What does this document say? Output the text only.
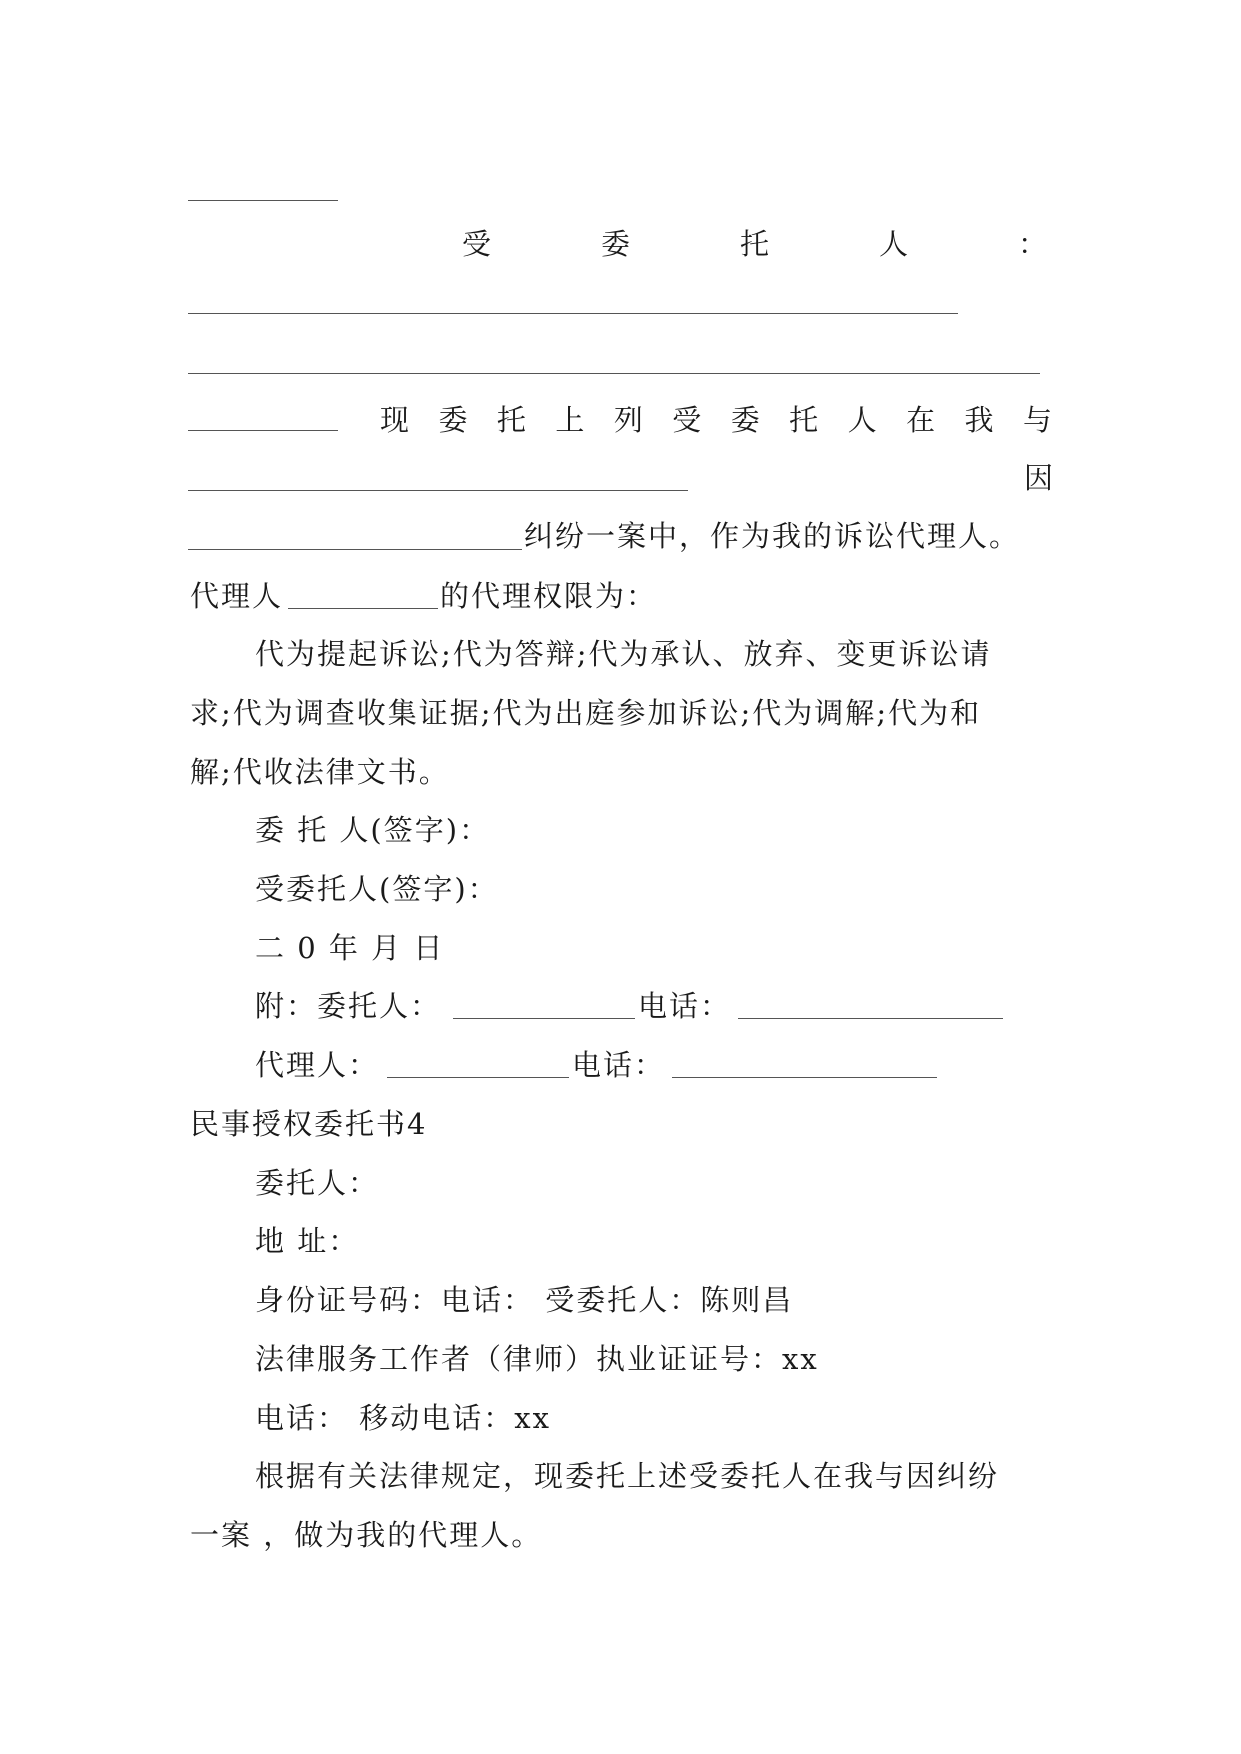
受	委	托	人	：
现 委 托 上 列 受 委 托 人 在 我 与
因
纠纷一案中，作为我的诉讼代理人。
代理人	的代理权限为：
代为提起诉讼;代为答辩;代为承认、放弃、变更诉讼请
求;代为调查收集证据;代为出庭参加诉讼;代为调解;代为和
解;代收法律文书。
委 托 人(签字)：
受委托人(签字)：
二 0 年 月 日
附：委托人：	电话：
代理人：	电话：
民事授权委托书4
委托人：
地 址：
身份证号码：电话： 受委托人：陈则昌
法律服务工作者（律师）执业证证号：xx
电话： 移动电话：xx
根据有关法律规定，现委托上述受委托人在我与因纠纷
一案 ，做为我的代理人。
